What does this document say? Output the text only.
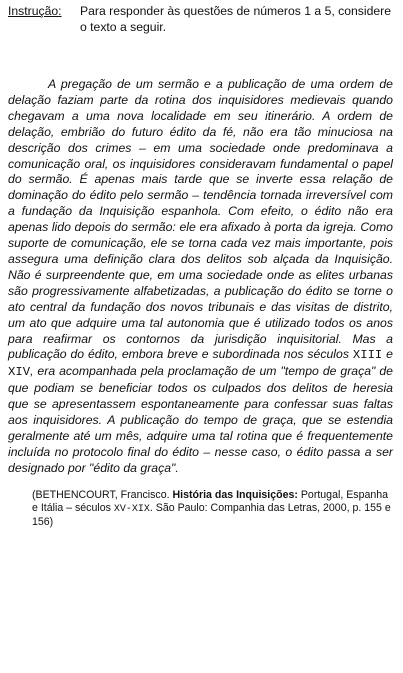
Instrução:	Para responder às questões de números 1 a 5, considere o texto a seguir.

A pregação de um sermão e a publicação de uma ordem de delação faziam parte da rotina dos inquisidores medievais quando chegavam a uma nova localidade em seu itinerário. A ordem de delação, embrião do futuro édito da fé, não era tão minuciosa na descrição dos crimes – em uma sociedade onde predominava a comunicação oral, os inquisidores consideravam fundamental o papel do sermão. É apenas mais tarde que se inverte essa relação de dominação do édito pelo sermão – tendência tornada irreversível com a fundação da Inquisição espanhola. Com efeito, o édito não era apenas lido depois do sermão: ele era afixado à porta da igreja. Como suporte de comunicação, ele se torna cada vez mais importante, pois assegura uma definição clara dos delitos sob alçada da Inquisição. Não é surpreendente que, em uma sociedade onde as elites urbanas são progressivamente alfabetizadas, a publicação do édito se torne o ato central da fundação dos novos tribunais e das visitas de distrito, um ato que adquire uma tal autonomia que é utilizado todos os anos para reafirmar os contornos da jurisdição inquisitorial. Mas a publicação do édito, embora breve e subordinada nos séculos XIII e XIV, era acompanhada pela proclamação de um "tempo de graça" de que podiam se beneficiar todos os culpados dos delitos de heresia que se apresentassem espontaneamente para confessar suas faltas aos inquisidores. A publicação do tempo de graça, que se estendia geralmente até um mês, adquire uma tal rotina que é frequentemente incluída no protocolo final do édito – nesse caso, o édito passa a ser designado por "édito da graça".

(BETHENCOURT, Francisco. História das Inquisições: Portugal, Espanha e Itália – séculos XV-XIX. São Paulo: Companhia das Letras, 2000, p. 155 e 156)
